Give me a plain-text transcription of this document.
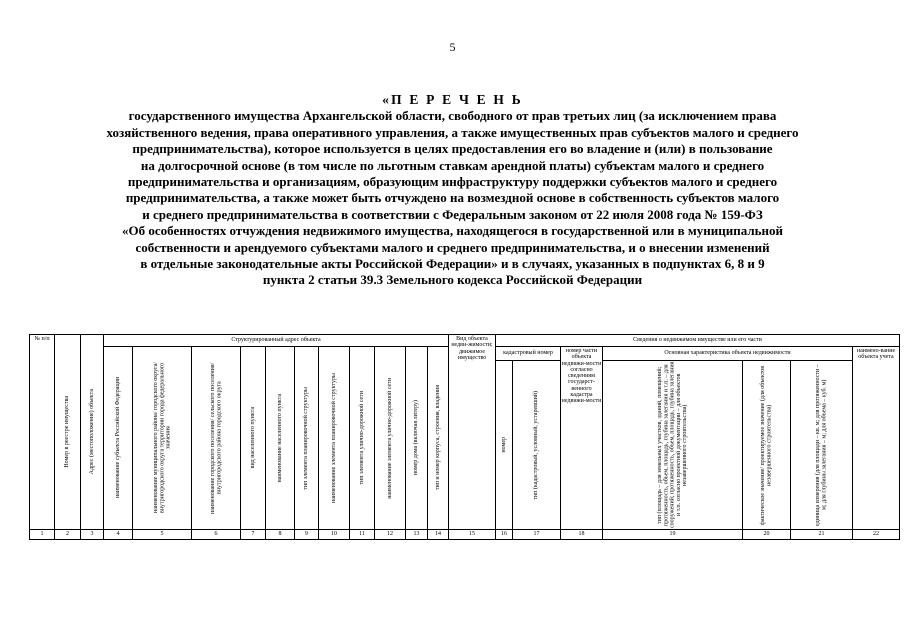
5
«П Е Р Е Ч Е Н Ь
государственного имущества Архангельской области, свободного от прав третьих лиц (за исключением права
хозяйственного ведения, права оперативного управления, а также имущественных прав субъектов малого и среднего
предпринимательства), которое используется в целях предоставления его во владение и (или) в пользование
на долгосрочной основе (в том числе по льготным ставкам арендной платы) субъектам малого и среднего
предпринимательства и организациям, образующим инфраструктуру поддержки субъектов малого и среднего
предпринимательства, а также может быть отчуждено на возмездной основе в собственность субъектов малого
и среднего предпринимательства в соответствии с Федеральным законом от 22 июля 2008 года № 159-ФЗ
«Об особенностях отчуждения недвижимого имущества, находящегося в государственной или в муниципальной
собственности и арендуемого субъектами малого и среднего предпринимательства, и о внесении изменений
в отдельные законодательные акты Российской Федерации» и в случаях, указанных в подпунктах 6, 8 и 9
пункта 2 статьи 39.3 Земельного кодекса Российской Федерации
№ п/п	Номер в реестре имущества	Адрес (местоположение) объекта	Структурированный адрес объекта											Вид объекта недви-жимости; движимое имущество	Сведения о недвижимом имуществе или его части						

			наименование субъекта Российской Федерации	наименование муниципального района/ городского округа/ внутригородского округа территории города федерального значения	наименование городского поселения/ сельского поселения/внутригородского района городского округа	вид населенного пункта	наименование населенного пункта	тип элемента планировочной структуры	наименование элемента планировочной структуры	тип элемента улично-дорожной сети	наименование элемента улично-дорожной сети	номер дома (включая литеру)	тип и номер корпуса, строения, владения		кадастровый номер		номер части объекта недвижи-мости согласно сведениям государст-венного кадастра недвижи-мости	Основная характеристика объекта недвижимости			наимено-вание объекта учета

															номер	тип (кадастровый, условный, устаревший)		тип (площадь – для земельных участков, зданий, помещений; протяженность, объем, площадь, глубина залегания и т.п. – для сооружений; протяженность, объем, площадь, глубина залегания и т.п. согласно проектной документации – для объектов незавершенного строительства)	фактическое значение/ проектируемое значение (для объектов незавершенного строительства)	единица измерения (для площади – кв. м; для протяженности – м; для глубины залегания – м; для объема – куб. м)	

1	2	3	4	5	6	7	8	9	10	11	12	13	14	15	16	17	18	19	20	21	22
